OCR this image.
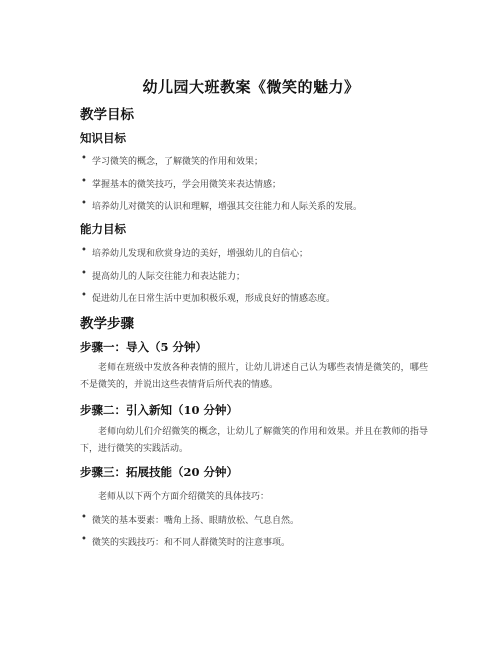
幼儿园大班教案《微笑的魅力》
教学目标
知识目标
• 学习微笑的概念，了解微笑的作用和效果；
• 掌握基本的微笑技巧，学会用微笑来表达情感；
• 培养幼儿对微笑的认识和理解，增强其交往能力和人际关系的发展。
能力目标
• 培养幼儿发现和欣赏身边的美好，增强幼儿的自信心；
• 提高幼儿的人际交往能力和表达能力；
• 促进幼儿在日常生活中更加积极乐观，形成良好的情感态度。
教学步骤
步骤一：导入（5 分钟）
老师在班级中发放各种表情的照片，让幼儿讲述自己认为哪些表情是微笑的，哪些不是微笑的，并说出这些表情背后所代表的情感。
步骤二：引入新知（10 分钟）
老师向幼儿们介绍微笑的概念，让幼儿了解微笑的作用和效果。并且在教师的指导下，进行微笑的实践活动。
步骤三：拓展技能（20 分钟）
老师从以下两个方面介绍微笑的具体技巧：
• 微笑的基本要素：嘴角上扬、眼睛放松、气息自然。
• 微笑的实践技巧：和不同人群微笑时的注意事项。
